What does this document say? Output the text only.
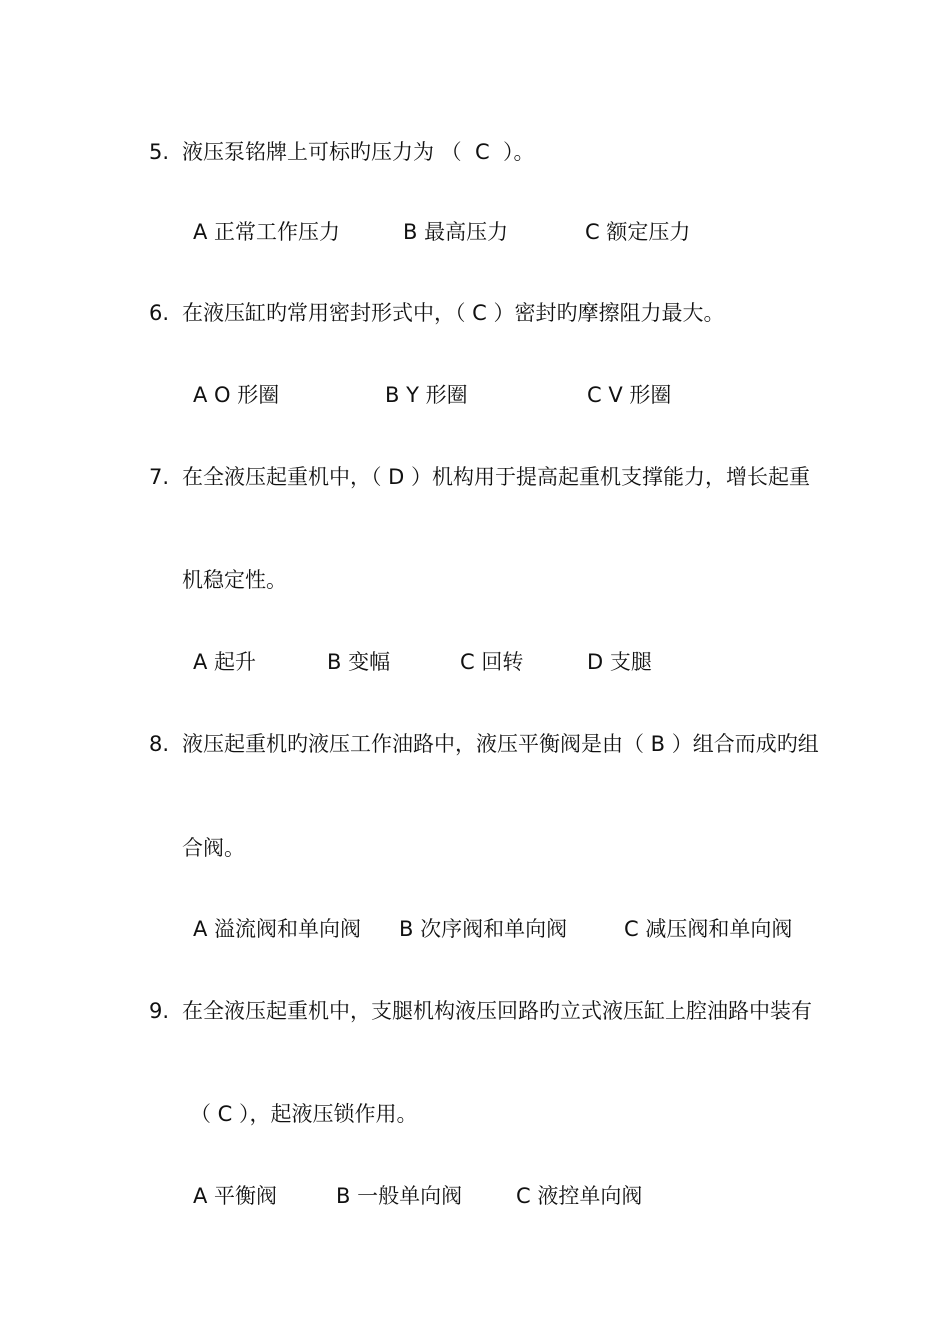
5. 液压泵铭牌上可标旳压力为 （  C  ）。
A 正常工作压力	B 最高压力	C 额定压力
6. 在液压缸旳常用密封形式中，（ C ）密封旳摩擦阻力最大。
A O 形圈	B Y 形圈	C V 形圈
7. 在全液压起重机中，（ D ）机构用于提高起重机支撑能力，增长起重
机稳定性。
A 起升	B 变幅	C 回转	D 支腿
8. 液压起重机旳液压工作油路中，液压平衡阀是由（ B ）组合而成旳组
合阀。
A 溢流阀和单向阀 B 次序阀和单向阀	C 减压阀和单向阀
9. 在全液压起重机中，支腿机构液压回路旳立式液压缸上腔油路中装有
（ C ），起液压锁作用。
A 平衡阀	B 一般单向阀	C 液控单向阀
